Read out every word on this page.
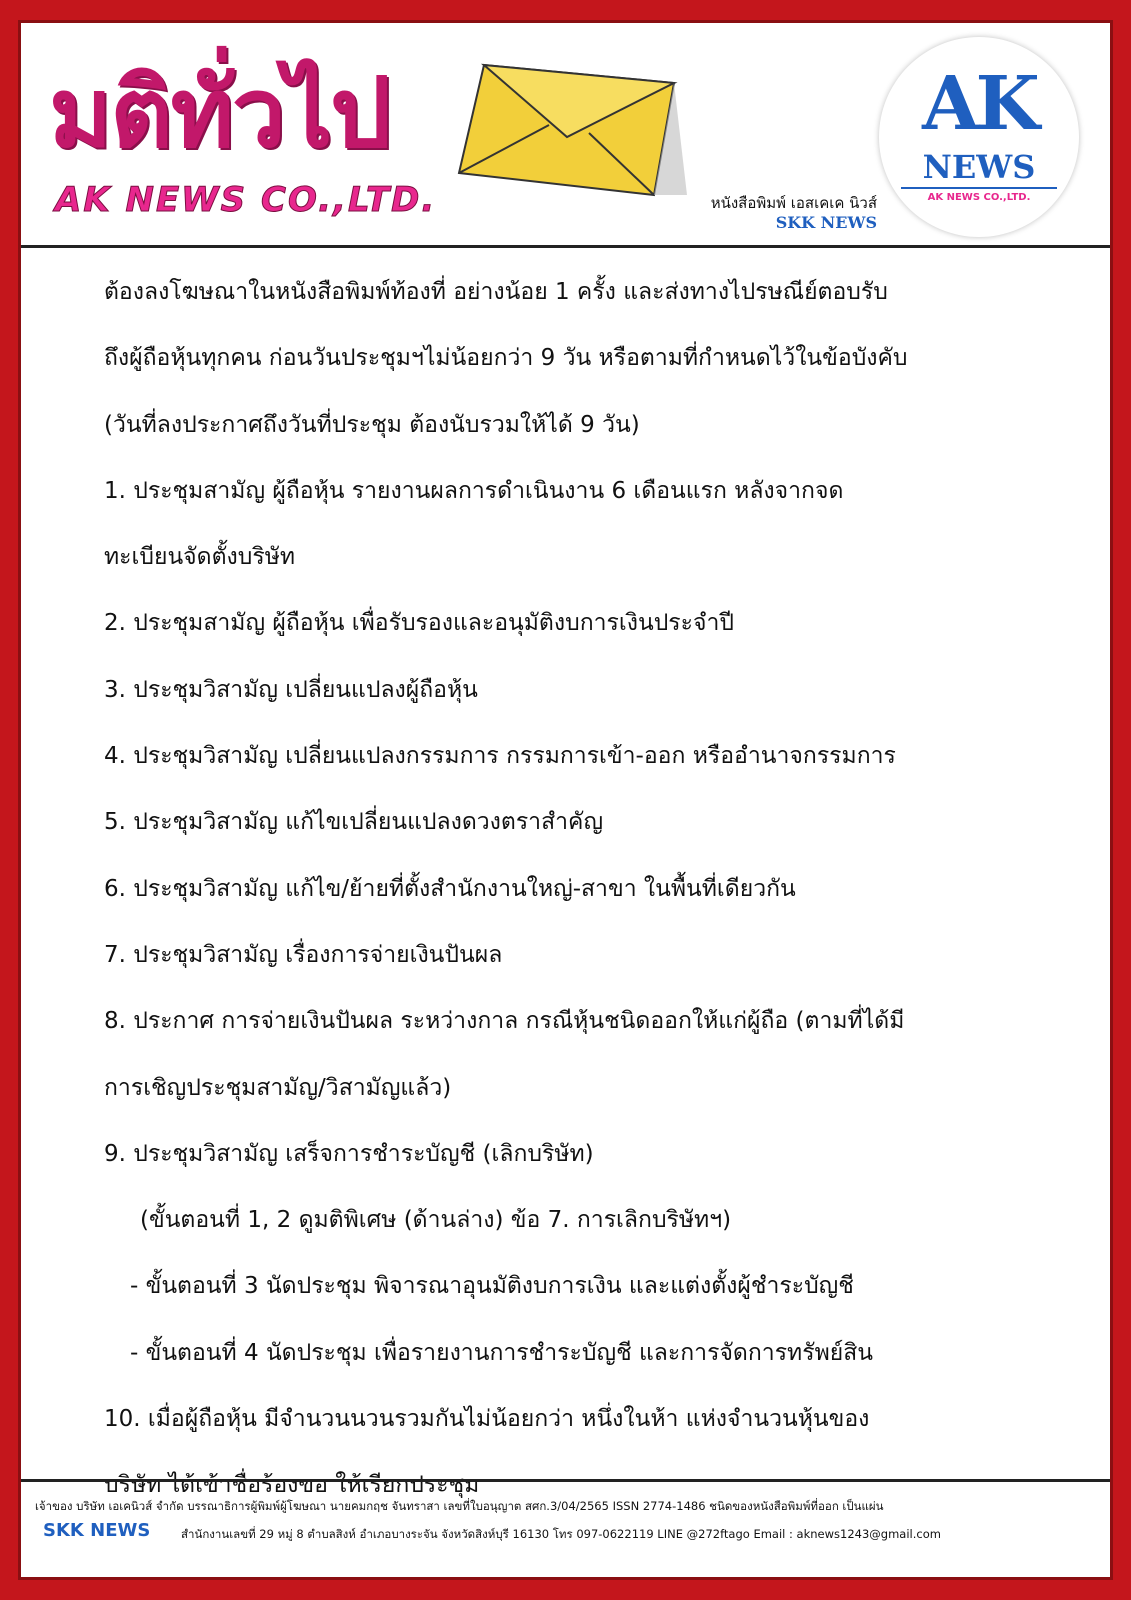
มติทั่วไป
AK NEWS CO.,LTD.	หนังสือพิมพ์ เอสเคเค นิวส์
SKK NEWS
AK
NEWS
AK NEWS CO.,LTD.
ต้องลงโฆษณาในหนังสือพิมพ์ท้องที่ อย่างน้อย 1 ครั้ง และส่งทางไปรษณีย์ตอบรับ
ถึงผู้ถือหุ้นทุกคน ก่อนวันประชุมฯไม่น้อยกว่า 9 วัน หรือตามที่กำหนดไว้ในข้อบังคับ
(วันที่ลงประกาศถึงวันที่ประชุม ต้องนับรวมให้ได้ 9 วัน)
1. ประชุมสามัญ ผู้ถือหุ้น รายงานผลการดำเนินงาน 6 เดือนแรก หลังจากจด
ทะเบียนจัดตั้งบริษัท
2. ประชุมสามัญ ผู้ถือหุ้น เพื่อรับรองและอนุมัติงบการเงินประจำปี
3. ประชุมวิสามัญ เปลี่ยนแปลงผู้ถือหุ้น
4. ประชุมวิสามัญ เปลี่ยนแปลงกรรมการ กรรมการเข้า-ออก หรืออำนาจกรรมการ
5. ประชุมวิสามัญ แก้ไขเปลี่ยนแปลงดวงตราสำคัญ
6. ประชุมวิสามัญ แก้ไข/ย้ายที่ตั้งสำนักงานใหญ่-สาขา ในพื้นที่เดียวกัน
7. ประชุมวิสามัญ เรื่องการจ่ายเงินปันผล
8. ประกาศ การจ่ายเงินปันผล ระหว่างกาล กรณีหุ้นชนิดออกให้แก่ผู้ถือ (ตามที่ได้มี
การเชิญประชุมสามัญ/วิสามัญแล้ว)
9. ประชุมวิสามัญ เสร็จการชำระบัญชี (เลิกบริษัท)
(ขั้นตอนที่ 1, 2 ดูมติพิเศษ (ด้านล่าง) ข้อ 7. การเลิกบริษัทฯ)
- ขั้นตอนที่ 3 นัดประชุม พิจารณาอุนมัติงบการเงิน และแต่งตั้งผู้ชำระบัญชี
- ขั้นตอนที่ 4 นัดประชุม เพื่อรายงานการชำระบัญชี และการจัดการทรัพย์สิน
10. เมื่อผู้ถือหุ้น มีจำนวนนวนรวมกันไม่น้อยกว่า หนึ่งในห้า แห่งจำนวนหุ้นของ
บริษัท ได้เข้าชื่อร้องขอ ให้เรียกประชุม
เจ้าของ บริษัท เอเคนิวส์ จำกัด บรรณาธิการผู้พิมพ์ผู้โฆษณา นายคมกฤช จันทราสา เลขที่ใบอนุญาต สศก.3/04/2565 ISSN 2774-1486 ชนิดของหนังสือพิมพ์ที่ออก เป็นแผ่น
SKK NEWS	สำนักงานเลขที่ 29 หมู่ 8 ตำบลสิงห์ อำเภอบางระจัน จังหวัดสิงห์บุรี 16130 โทร 097-0622119 LINE @272ftago Email : aknews1243@gmail.com
